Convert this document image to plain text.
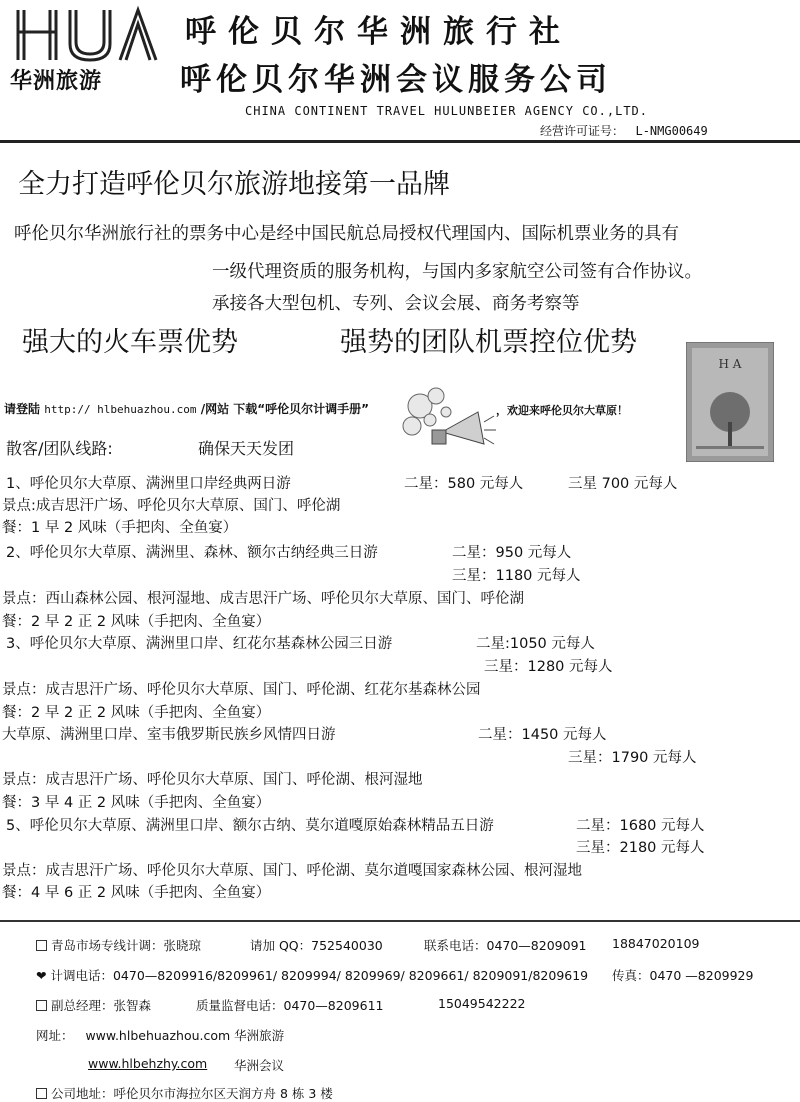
华洲旅游
呼伦贝尔华洲旅行社
呼伦贝尔华洲会议服务公司
CHINA CONTINENT TRAVEL HULUNBEIER AGENCY CO.,LTD.
经营许可证号： L-NMG00649
全力打造呼伦贝尔旅游地接第一品牌
呼伦贝尔华洲旅行社的票务中心是经中国民航总局授权代理国内、国际机票业务的具有
一级代理资质的服务机构，与国内多家航空公司签有合作协议。
承接各大型包机、专列、会议会展、商务考察等
强大的火车票优势	强势的团队机票控位优势
H A
请登陆 http:// hlbehuazhou.com /网站 下载“呼伦贝尔计调手册”	，欢迎来呼伦贝尔大草原！
散客/团队线路:	确保天天发团
1、呼伦贝尔大草原、满洲里口岸经典两日游	二星：580 元每人	三星 700 元每人
景点:成吉思汗广场、呼伦贝尔大草原、国门、呼伦湖
餐：1 早 2 风味（手把肉、全鱼宴）
2、呼伦贝尔大草原、满洲里、森林、额尔古纳经典三日游	二星：950 元每人
三星：1180 元每人
景点：西山森林公园、根河湿地、成吉思汗广场、呼伦贝尔大草原、国门、呼伦湖
餐：2 早 2 正 2 风味（手把肉、全鱼宴）
3、呼伦贝尔大草原、满洲里口岸、红花尔基森林公园三日游	二星:1050 元每人
三星：1280 元每人
景点：成吉思汗广场、呼伦贝尔大草原、国门、呼伦湖、红花尔基森林公园
餐：2 早 2 正 2 风味（手把肉、全鱼宴）
大草原、满洲里口岸、室韦俄罗斯民族乡风情四日游	二星：1450 元每人
三星：1790 元每人
景点：成吉思汗广场、呼伦贝尔大草原、国门、呼伦湖、根河湿地
餐：3 早 4 正 2 风味（手把肉、全鱼宴）
5、呼伦贝尔大草原、满洲里口岸、额尔古纳、莫尔道嘎原始森林精品五日游	二星：1680 元每人
三星：2180 元每人
景点：成吉思汗广场、呼伦贝尔大草原、国门、呼伦湖、莫尔道嘎国家森林公园、根河湿地
餐：4 早 6 正 2 风味（手把肉、全鱼宴）
青岛市场专线计调：张晓琼	请加 QQ：752540030	联系电话：0470—8209091 18847020109
❤ 计调电话：0470—8209916/8209961/ 8209994/ 8209969/ 8209661/ 8209091/8209619 传真：0470 —8209929
副总经理：张智森	质量监督电话：0470—8209611	15049542222
网址： www.hlbehuazhou.com 华洲旅游
www.hlbehzhy.com 华洲会议
公司地址：呼伦贝尔市海拉尔区天润方舟 8 栋 3 楼
